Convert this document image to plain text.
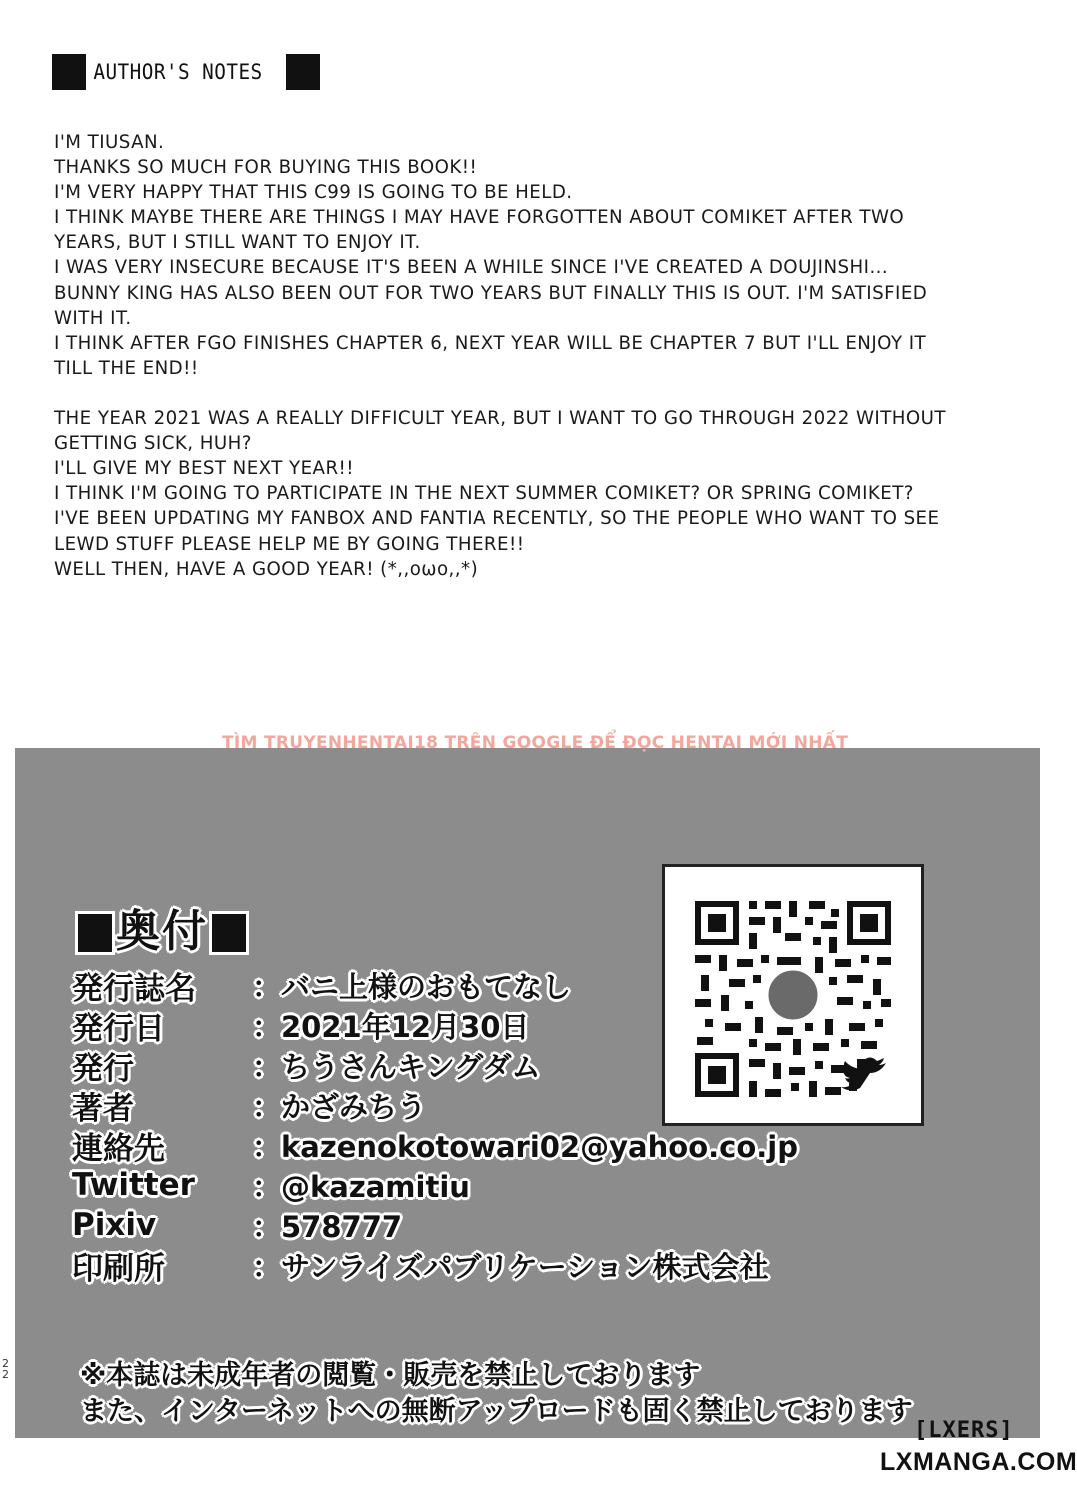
AUTHOR'S NOTES
I'M TIUSAN.
THANKS SO MUCH FOR BUYING THIS BOOK!!
I'M VERY HAPPY THAT THIS C99 IS GOING TO BE HELD.
I THINK MAYBE THERE ARE THINGS I MAY HAVE FORGOTTEN ABOUT COMIKET AFTER TWO
YEARS, BUT I STILL WANT TO ENJOY IT.
I WAS VERY INSECURE BECAUSE IT'S BEEN A WHILE SINCE I'VE CREATED A DOUJINSHI...
BUNNY KING HAS ALSO BEEN OUT FOR TWO YEARS BUT FINALLY THIS IS OUT. I'M SATISFIED
WITH IT.
I THINK AFTER FGO FINISHES CHAPTER 6, NEXT YEAR WILL BE CHAPTER 7 BUT I'LL ENJOY IT
TILL THE END!!
THE YEAR 2021 WAS A REALLY DIFFICULT YEAR, BUT I WANT TO GO THROUGH 2022 WITHOUT
GETTING SICK, HUH?
I'LL GIVE MY BEST NEXT YEAR!!
I THINK I'M GOING TO PARTICIPATE IN THE NEXT SUMMER COMIKET? OR SPRING COMIKET?
I'VE BEEN UPDATING MY FANBOX AND FANTIA RECENTLY, SO THE PEOPLE WHO WANT TO SEE
LEWD STUFF PLEASE HELP ME BY GOING THERE!!
WELL THEN, HAVE A GOOD YEAR! (*,,oωo,,*)
TÌM TRUYENHENTAI18 TRÊN GOOGLE ĐỂ ĐỌC HENTAI MỚI NHẤT
奥付
発行誌名	：バニ上様のおもてなし
発行日	：2021年12月30日
発行	：ちうさんキングダム
著者	：かざみちう
連絡先	：kazenokotowari02@yahoo.co.jp
Twitter	：@kazamitiu
Pixiv	：578777
印刷所	：サンライズパブリケーション株式会社
※本誌は未成年者の閲覧・販売を禁止しております
また、インターネットへの無断アップロードも固く禁止しております
22
[LXERS]
LXMANGA.COM
